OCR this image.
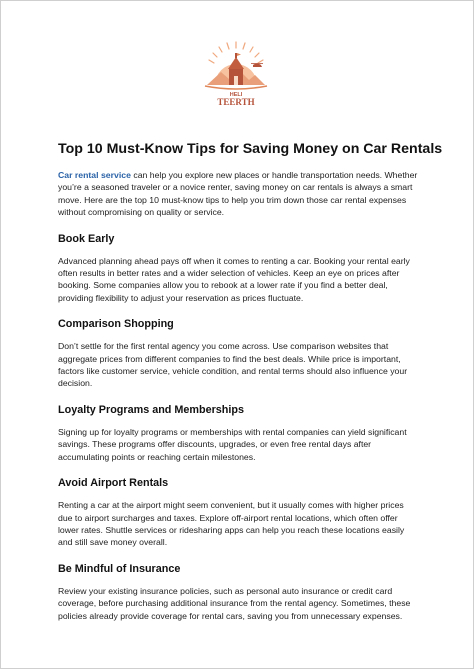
HELI
TEERTH
Top 10 Must-Know Tips for Saving Money on Car Rentals

Car rental service can help you explore new places or handle transportation needs. Whether you’re a seasoned traveler or a novice renter, saving money on car rentals is always a smart move. Here are the top 10 must-know tips to help you trim down those car rental expenses without compromising on quality or service.

Book Early

Advanced planning ahead pays off when it comes to renting a car. Booking your rental early often results in better rates and a wider selection of vehicles. Keep an eye on prices after booking. Some companies allow you to rebook at a lower rate if you find a better deal, providing flexibility to adjust your reservation as prices fluctuate.

Comparison Shopping

Don’t settle for the first rental agency you come across. Use comparison websites that aggregate prices from different companies to find the best deals. While price is important, factors like customer service, vehicle condition, and rental terms should also influence your decision.

Loyalty Programs and Memberships

Signing up for loyalty programs or memberships with rental companies can yield significant savings. These programs offer discounts, upgrades, or even free rental days after accumulating points or reaching certain milestones.

Avoid Airport Rentals

Renting a car at the airport might seem convenient, but it usually comes with higher prices due to airport surcharges and taxes. Explore off-airport rental locations, which often offer lower rates. Shuttle services or ridesharing apps can help you reach these locations easily and still save money overall.

Be Mindful of Insurance

Review your existing insurance policies, such as personal auto insurance or credit card coverage, before purchasing additional insurance from the rental agency. Sometimes, these policies already provide coverage for rental cars, saving you from unnecessary expenses.
